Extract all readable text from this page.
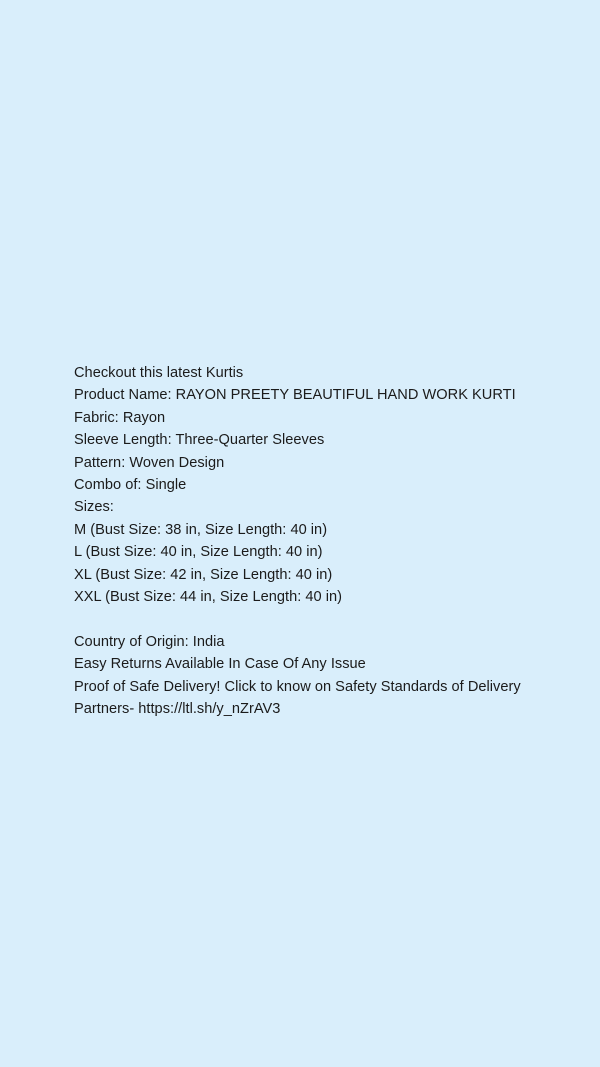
Checkout this latest Kurtis
Product Name: RAYON PREETY BEAUTIFUL HAND WORK KURTI
Fabric: Rayon
Sleeve Length: Three-Quarter Sleeves
Pattern: Woven Design
Combo of: Single
Sizes:
M (Bust Size: 38 in, Size Length: 40 in)
L (Bust Size: 40 in, Size Length: 40 in)
XL (Bust Size: 42 in, Size Length: 40 in)
XXL (Bust Size: 44 in, Size Length: 40 in)
Country of Origin: India
Easy Returns Available In Case Of Any Issue
Proof of Safe Delivery! Click to know on Safety Standards of Delivery Partners- https://ltl.sh/y_nZrAV3
